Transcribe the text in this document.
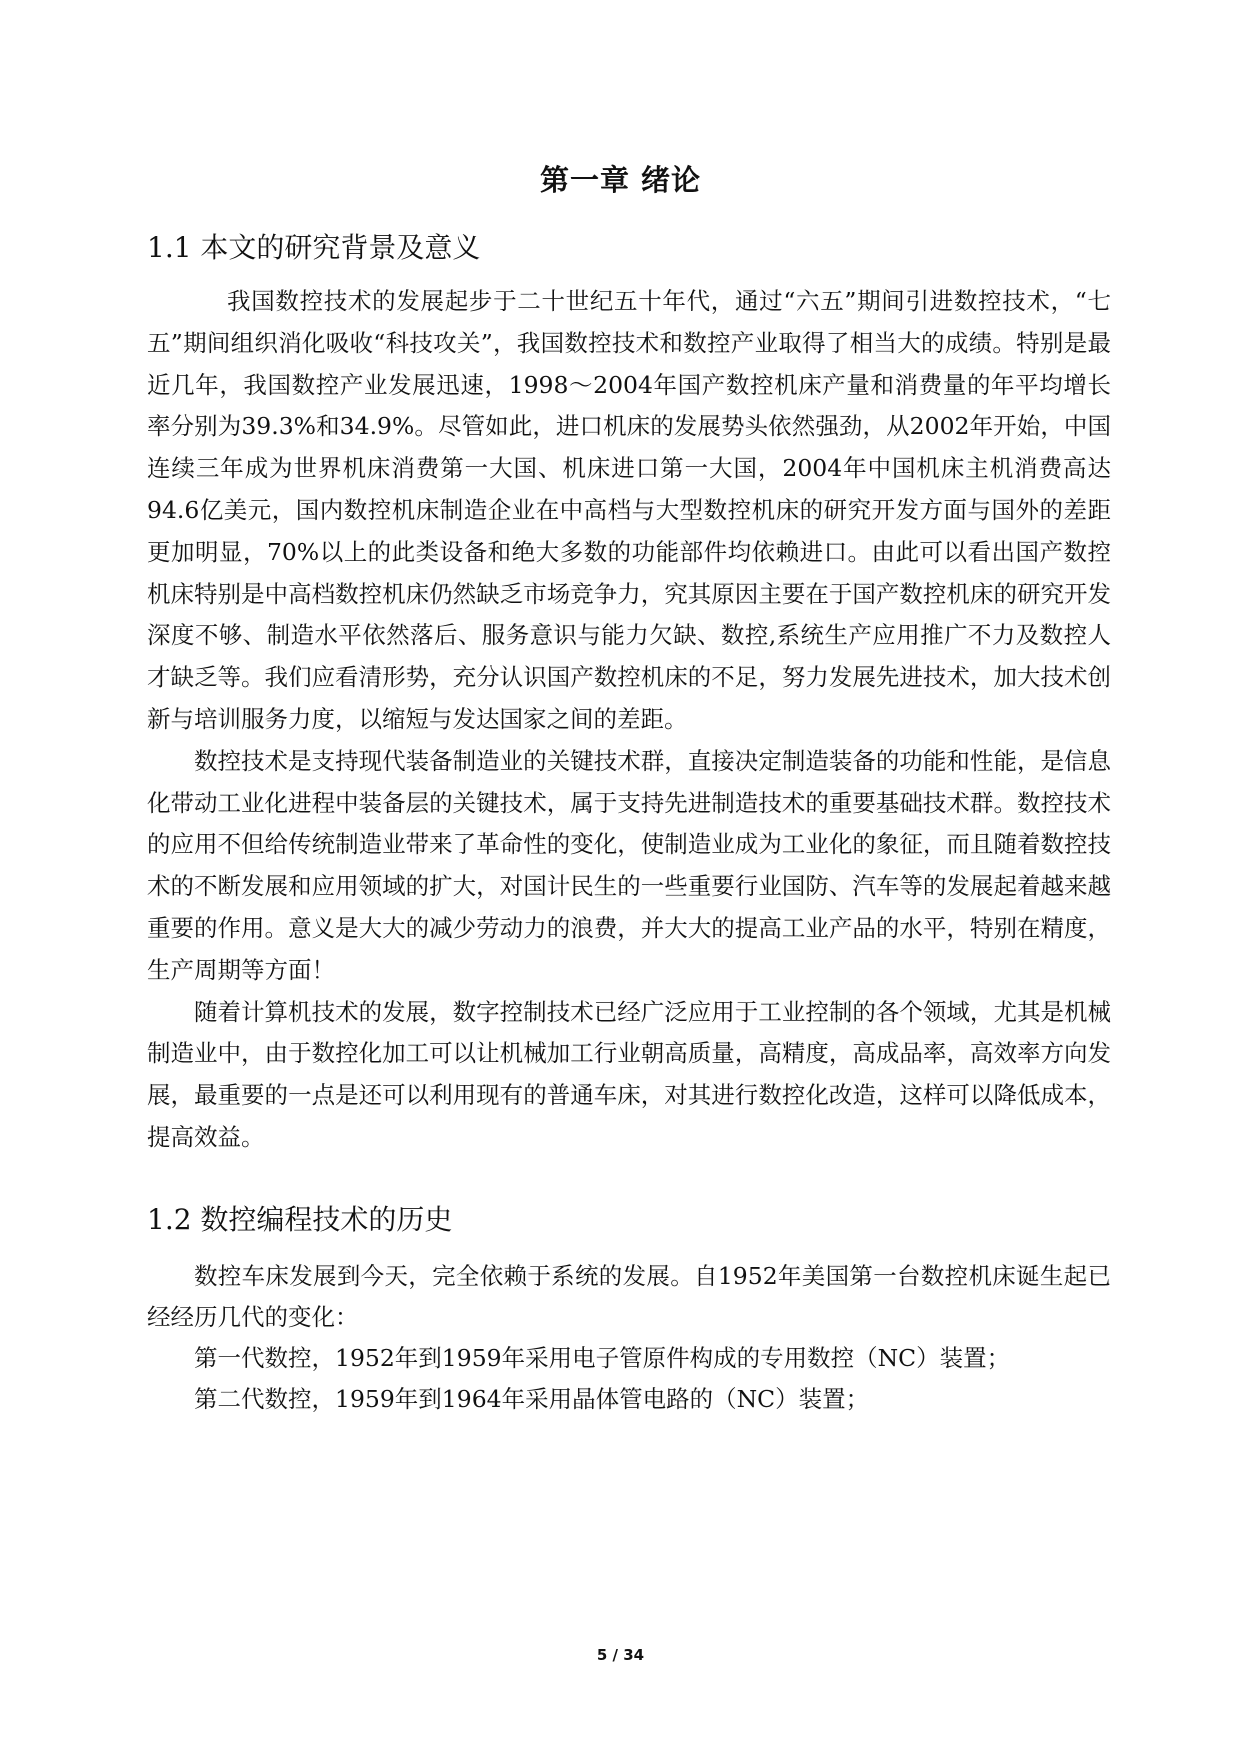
第一章 绪论
1.1 本文的研究背景及意义

我国数控技术的发展起步于二十世纪五十年代，通过“六五”期间引进数控技术，“七五”期间组织消化吸收“科技攻关”，我国数控技术和数控产业取得了相当大的成绩。特别是最近几年，我国数控产业发展迅速，1998～2004年国产数控机床产量和消费量的年平均增长率分别为39.3%和34.9%。尽管如此，进口机床的发展势头依然强劲，从2002年开始，中国连续三年成为世界机床消费第一大国、机床进口第一大国，2004年中国机床主机消费高达94.6亿美元，国内数控机床制造企业在中高档与大型数控机床的研究开发方面与国外的差距更加明显，70%以上的此类设备和绝大多数的功能部件均依赖进口。由此可以看出国产数控机床特别是中高档数控机床仍然缺乏市场竞争力，究其原因主要在于国产数控机床的研究开发深度不够、制造水平依然落后、服务意识与能力欠缺、数控,系统生产应用推广不力及数控人才缺乏等。我们应看清形势，充分认识国产数控机床的不足，努力发展先进技术，加大技术创新与培训服务力度，以缩短与发达国家之间的差距。

数控技术是支持现代装备制造业的关键技术群，直接决定制造装备的功能和性能，是信息化带动工业化进程中装备层的关键技术，属于支持先进制造技术的重要基础技术群。数控技术的应用不但给传统制造业带来了革命性的变化，使制造业成为工业化的象征，而且随着数控技术的不断发展和应用领域的扩大，对国计民生的一些重要行业国防、汽车等的发展起着越来越重要的作用。意义是大大的减少劳动力的浪费，并大大的提高工业产品的水平，特别在精度，生产周期等方面！

随着计算机技术的发展，数字控制技术已经广泛应用于工业控制的各个领域，尤其是机械制造业中，由于数控化加工可以让机械加工行业朝高质量，高精度，高成品率，高效率方向发展，最重要的一点是还可以利用现有的普通车床，对其进行数控化改造，这样可以降低成本，提高效益。

1.2 数控编程技术的历史

数控车床发展到今天，完全依赖于系统的发展。自1952年美国第一台数控机床诞生起已经经历几代的变化：

第一代数控，1952年到1959年采用电子管原件构成的专用数控（NC）装置；

第二代数控，1959年到1964年采用晶体管电路的（NC）装置；

5 / 34
